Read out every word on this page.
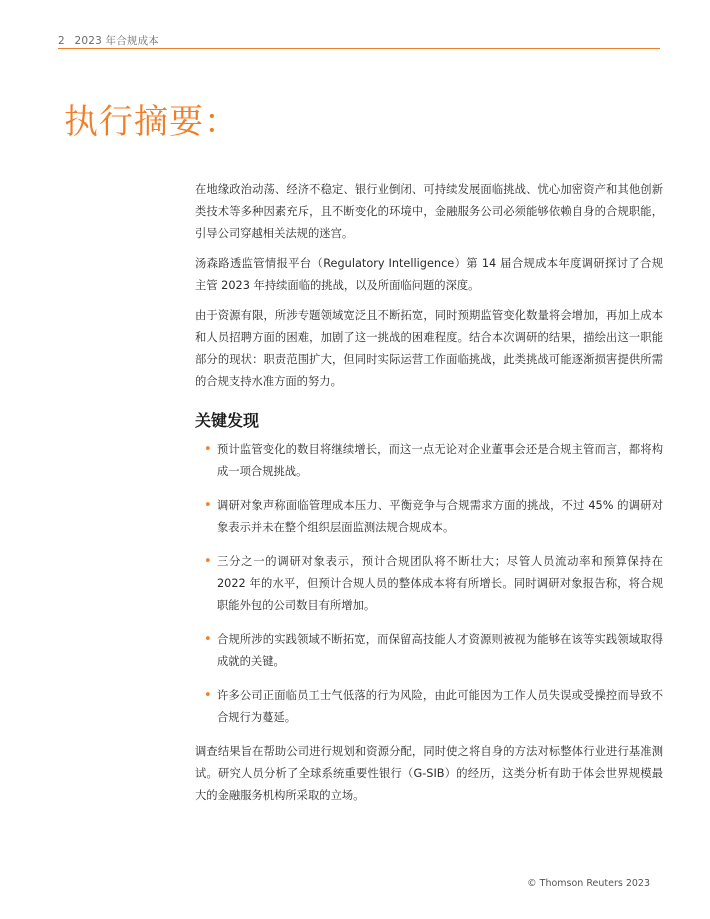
2 2023 年合规成本
执行摘要：

在地缘政治动荡、经济不稳定、银行业倒闭、可持续发展面临挑战、忧心加密资产和其他创新类技术等多种因素充斥，且不断变化的环境中，金融服务公司必须能够依赖自身的合规职能，引导公司穿越相关法规的迷宫。

汤森路透监管情报平台（Regulatory Intelligence）第 14 届合规成本年度调研探讨了合规主管 2023 年持续面临的挑战，以及所面临问题的深度。

由于资源有限，所涉专题领域宽泛且不断拓宽，同时预期监管变化数量将会增加，再加上成本和人员招聘方面的困难，加剧了这一挑战的困难程度。结合本次调研的结果，描绘出这一职能部分的现状：职责范围扩大，但同时实际运营工作面临挑战，此类挑战可能逐渐损害提供所需的合规支持水准方面的努力。

关键发现
• 预计监管变化的数目将继续增长，而这一点无论对企业董事会还是合规主管而言，都将构成一项合规挑战。
• 调研对象声称面临管理成本压力、平衡竞争与合规需求方面的挑战，不过 45% 的调研对象表示并未在整个组织层面监测法规合规成本。
• 三分之一的调研对象表示，预计合规团队将不断壮大；尽管人员流动率和预算保持在 2022 年的水平，但预计合规人员的整体成本将有所增长。同时调研对象报告称，将合规职能外包的公司数目有所增加。
• 合规所涉的实践领域不断拓宽，而保留高技能人才资源则被视为能够在该等实践领域取得成就的关键。
• 许多公司正面临员工士气低落的行为风险，由此可能因为工作人员失误或受操控而导致不合规行为蔓延。

调查结果旨在帮助公司进行规划和资源分配，同时使之将自身的方法对标整体行业进行基准测试。研究人员分析了全球系统重要性银行（G-SIB）的经历，这类分析有助于体会世界规模最大的金融服务机构所采取的立场。

© Thomson Reuters 2023
